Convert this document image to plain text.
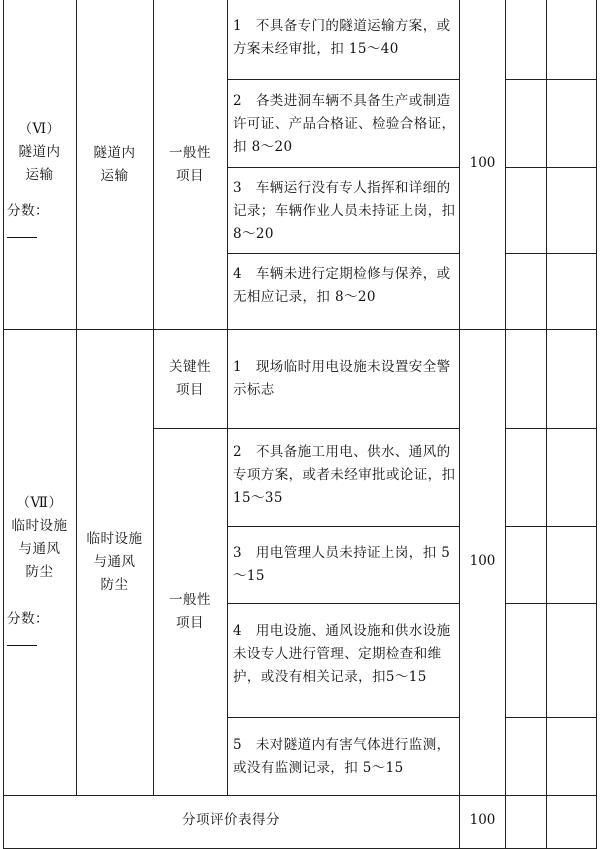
（Ⅵ）
隧道内
运输
分数：
隧道内
运输
一般性
项目
1　不具备专门的隧道运输方案，或方案未经审批，扣 15～40
2　各类进洞车辆不具备生产或制造许可证、产品合格证、检验合格证，扣 8～20
3　车辆运行没有专人指挥和详细的记录；车辆作业人员未持证上岗，扣 8～20
4　车辆未进行定期检修与保养，或无相应记录，扣 8～20
100
（Ⅶ）
临时设施
与通风
防尘
分数：
临时设施
与通风
防尘
关键性
项目
一般性
项目
1　现场临时用电设施未设置安全警示标志
2　不具备施工用电、供水、通风的专项方案，或者未经审批或论证，扣 15～35
3　用电管理人员未持证上岗，扣 5～15
4　用电设施、通风设施和供水设施未设专人进行管理、定期检查和维护，或没有相关记录，扣5～15
5　未对隧道内有害气体进行监测，或没有监测记录，扣 5～15
100
分项评价表得分	100
